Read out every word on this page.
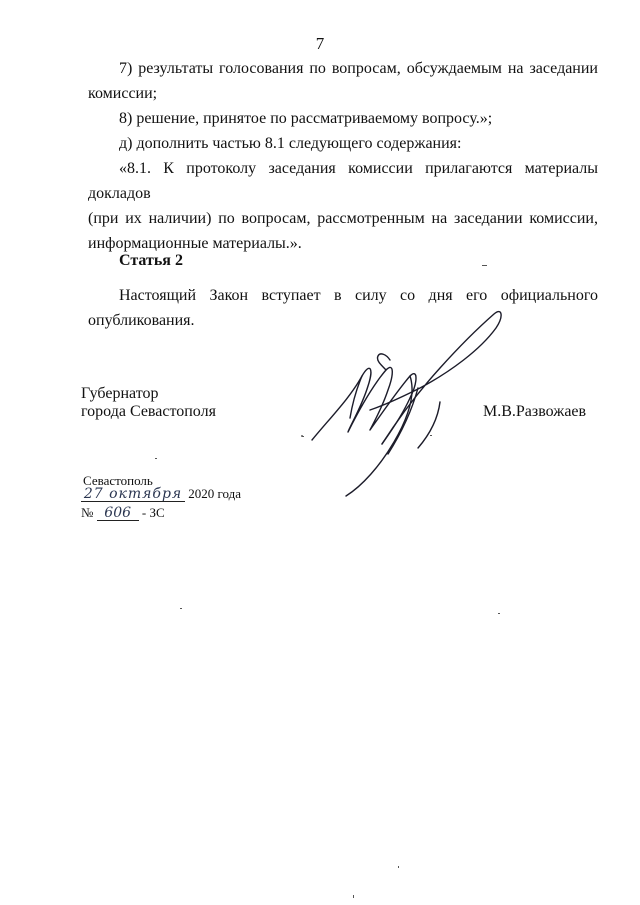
7
7) результаты голосования по вопросам, обсуждаемым на заседании
комиссии;
8) решение, принятое по рассматриваемому вопросу.»;
д) дополнить частью 8.1 следующего содержания:
«8.1. К протоколу заседания комиссии прилагаются материалы докладов
(при их наличии) по вопросам, рассмотренным на заседании комиссии,
информационные материалы.».
Статья 2
Настоящий Закон вступает в силу со дня его официального
опубликования.
Губернатор
города Севастополя	М.В.Развожаев
Севастополь
27 октября 2020 года
№ 606 - ЗС
